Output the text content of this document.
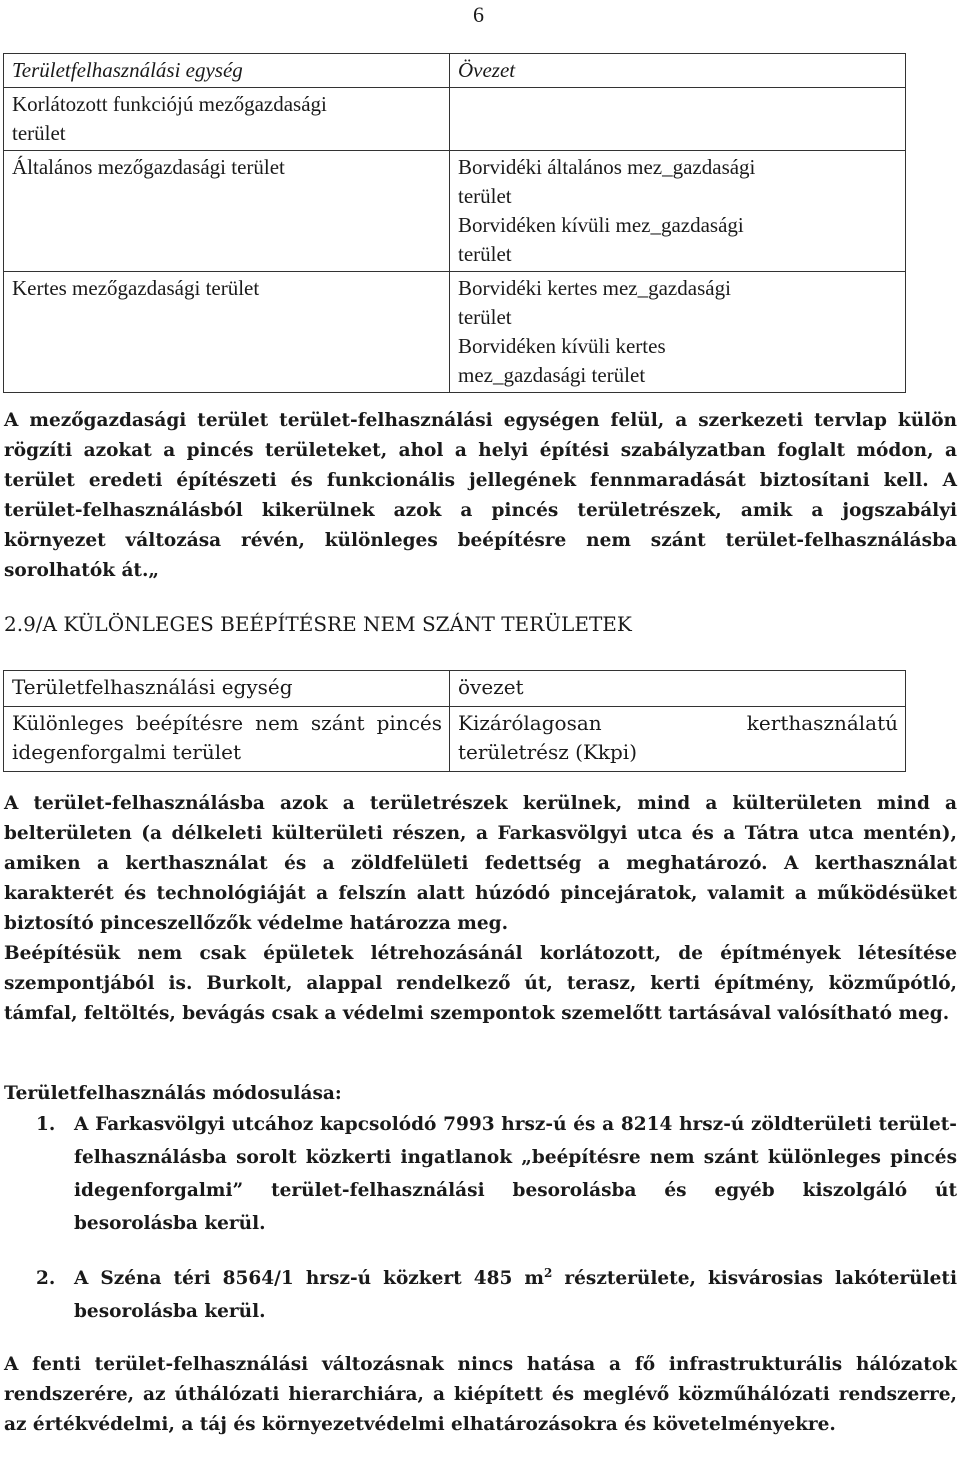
6
Területfelhasználási egység	Övezet

Korlátozott funkciójú mezőgazdasági
terület	

Általános mezőgazdasági terület	Borvidéki általános mez_gazdasági
terület
Borvidéken kívüli mez_gazdasági
terület

Kertes mezőgazdasági terület	Borvidéki kertes mez_gazdasági
terület
Borvidéken kívüli kertes
mez_gazdasági terület

A mezőgazdasági terület terület-felhasználási egységen felül, a szerkezeti tervlap külön rögzíti azokat a pincés területeket, ahol a helyi építési szabályzatban foglalt módon, a terület eredeti építészeti és funkcionális jellegének fennmaradását biztosítani kell. A terület-felhasználásból kikerülnek azok a pincés területrészek, amik a jogszabályi környezet változása révén, különleges beépítésre nem szánt terület-felhasználásba sorolhatók át.„

2.9/A KÜLÖNLEGES BEÉPÍTÉSRE NEM SZÁNT TERÜLETEK
Területfelhasználási egység	övezet
Különleges beépítésre nem szánt pincés idegenforgalmi terület	Kizárólagosan kerthasználatú
területrész (Kkpi)

A terület-felhasználásba azok a területrészek kerülnek, mind a külterületen mind a belterületen (a délkeleti külterületi részen, a Farkasvölgyi utca és a Tátra utca mentén), amiken a kerthasználat és a zöldfelületi fedettség a meghatározó. A kerthasználat karakterét és technológiáját a felszín alatt húzódó pincejáratok, valamit a működésüket biztosító pinceszellőzők védelme határozza meg.

Beépítésük nem csak épületek létrehozásánál korlátozott, de építmények létesítése szempontjából is. Burkolt, alappal rendelkező út, terasz, kerti építmény, közműpótló, támfal, feltöltés, bevágás csak a védelmi szempontok szemelőtt tartásával valósítható meg.

Területfelhasználás módosulása:
1. A Farkasvölgyi utcához kapcsolódó 7993 hrsz-ú és a 8214 hrsz-ú zöldterületi terület-felhasználásba sorolt közkerti ingatlanok „beépítésre nem szánt különleges pincés idegenforgalmi” terület-felhasználási besorolásba és egyéb kiszolgáló út besorolásba kerül.
2. A Széna téri 8564/1 hrsz-ú közkert 485 $m^2$ részterülete, kisvárosias lakóterületi besorolásba kerül.

A fenti terület-felhasználási változásnak nincs hatása a fő infrastrukturális hálózatok rendszerére, az úthálózati hierarchiára, a kiépített és meglévő közműhálózati rendszerre, az értékvédelmi, a táj és környezetvédelmi elhatározásokra és követelményekre.
